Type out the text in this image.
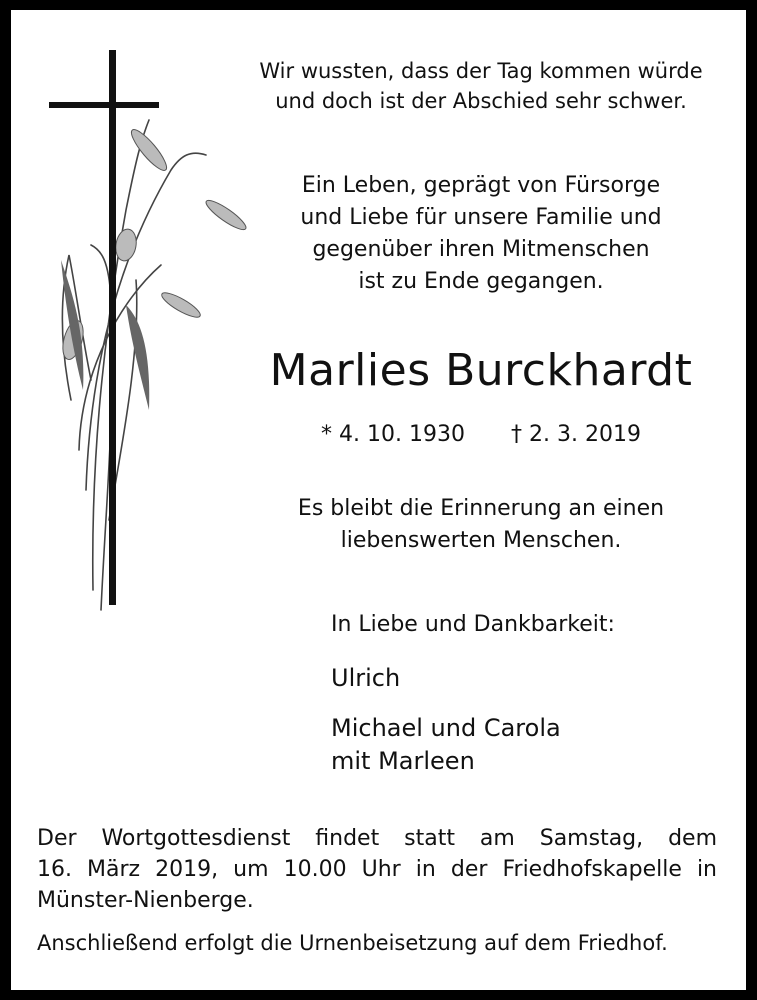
Wir wussten, dass der Tag kommen würde
und doch ist der Abschied sehr schwer.

Ein Leben, geprägt von Fürsorge
und Liebe für unsere Familie und
gegenüber ihren Mitmenschen
ist zu Ende gegangen.

Marlies Burckhardt

* 4. 10. 1930 † 2. 3. 2019

Es bleibt die Erinnerung an einen
liebenswerten Menschen.

In Liebe und Dankbarkeit:

Ulrich

Michael und Carola

mit Marleen

Der Wortgottesdienst findet statt am Samstag, dem
16. März 2019, um 10.00 Uhr in der Friedhofskapelle in
Münster-Nienberge.

Anschließend erfolgt die Urnenbeisetzung auf dem Friedhof.
